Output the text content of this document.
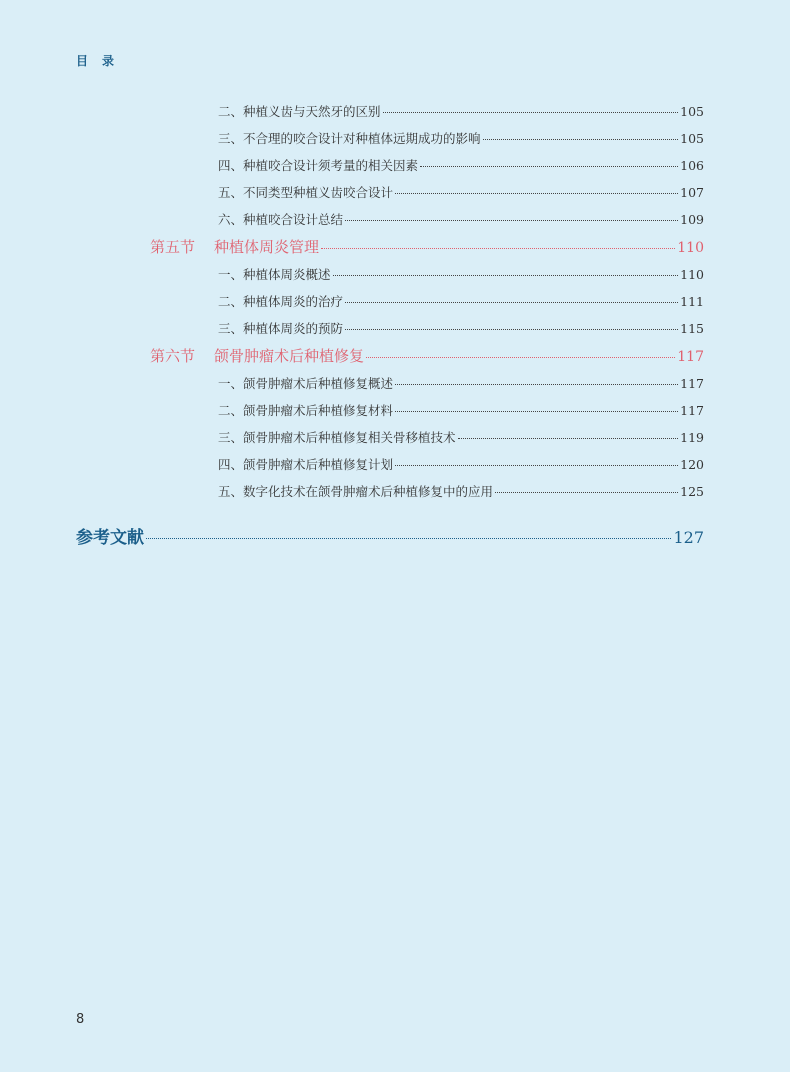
目 录
二、种植义齿与天然牙的区别	105
三、不合理的咬合设计对种植体远期成功的影响	105
四、种植咬合设计须考量的相关因素	106
五、不同类型种植义齿咬合设计	107
六、种植咬合设计总结	109
第五节 种植体周炎管理	110
一、种植体周炎概述	110
二、种植体周炎的治疗	111
三、种植体周炎的预防	115
第六节 颌骨肿瘤术后种植修复	117
一、颌骨肿瘤术后种植修复概述	117
二、颌骨肿瘤术后种植修复材料	117
三、颌骨肿瘤术后种植修复相关骨移植技术	119
四、颌骨肿瘤术后种植修复计划	120
五、数字化技术在颌骨肿瘤术后种植修复中的应用	125
参考文献	127
8
